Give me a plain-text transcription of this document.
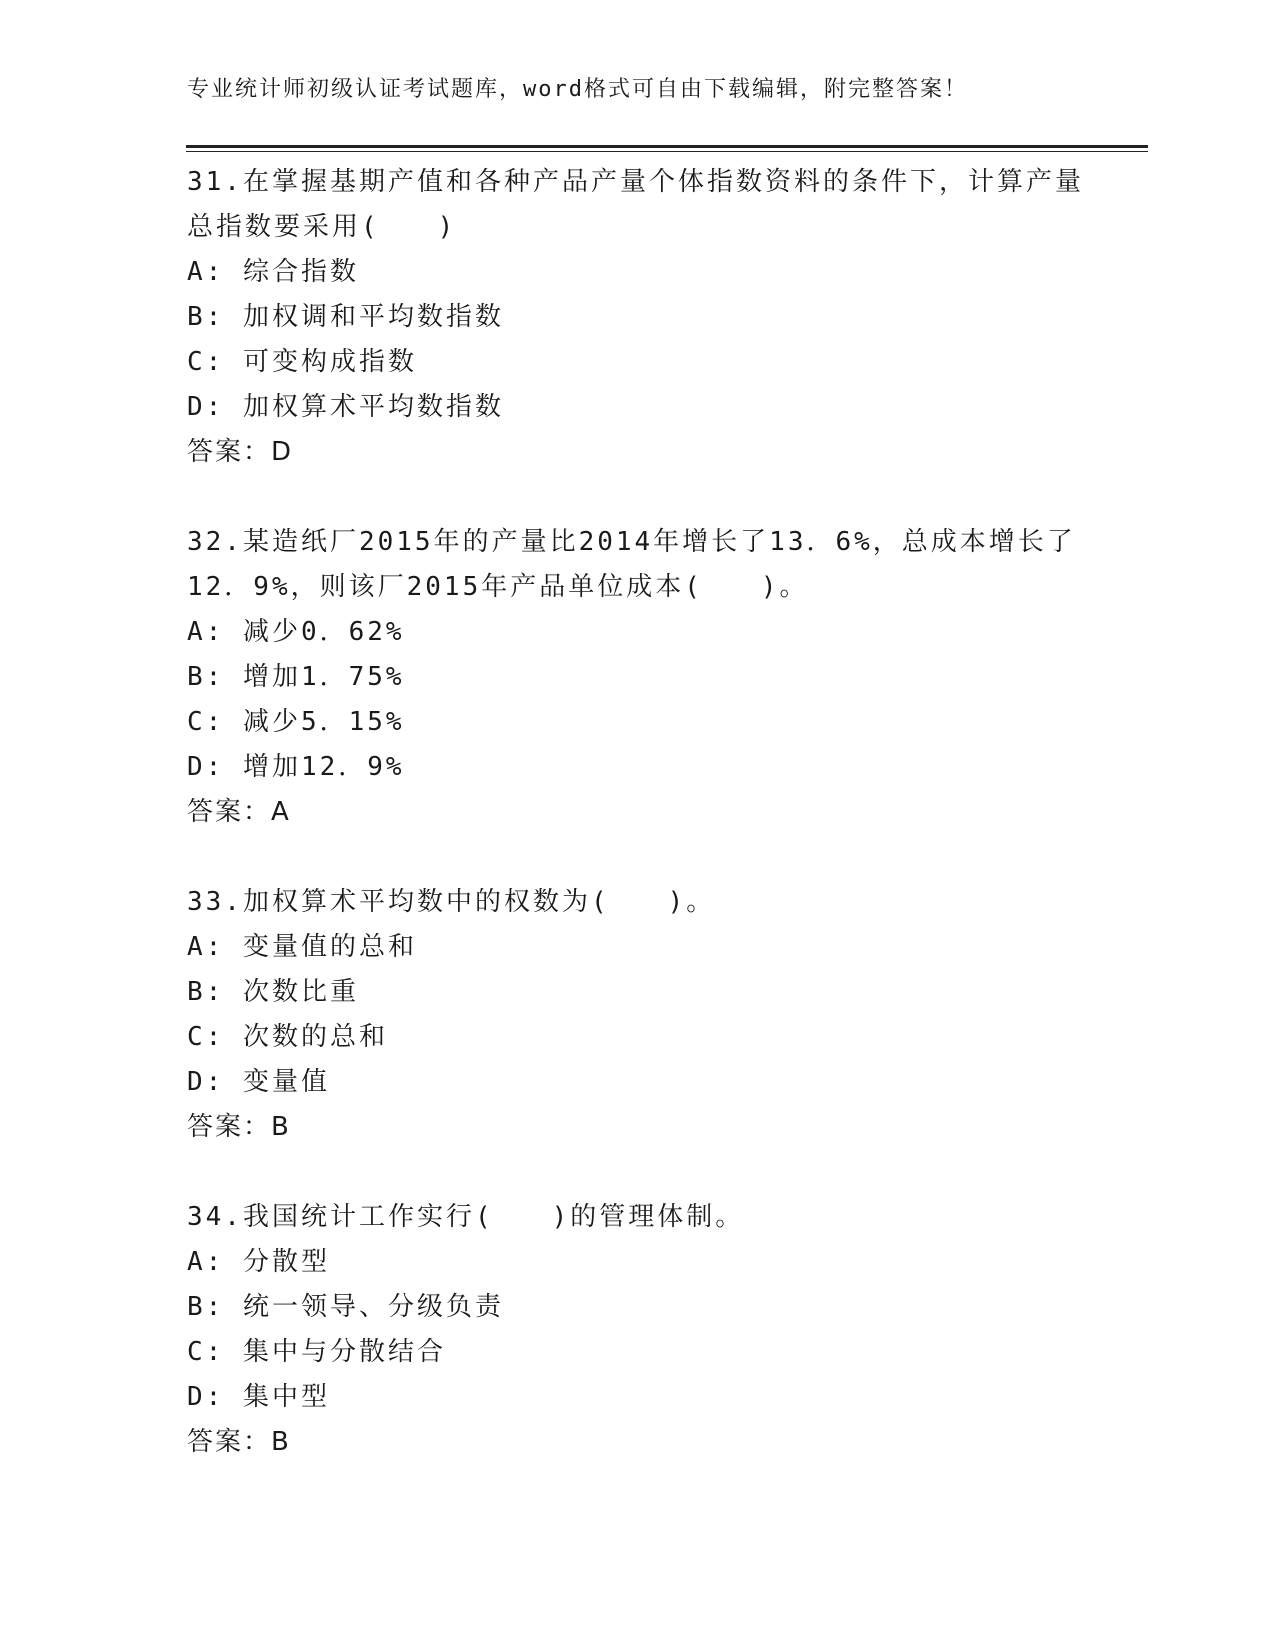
专业统计师初级认证考试题库，word格式可自由下载编辑，附完整答案！
31.在掌握基期产值和各种产品产量个体指数资料的条件下，计算产量
总指数要采用(　　)
A: 综合指数
B: 加权调和平均数指数
C: 可变构成指数
D: 加权算术平均数指数
答案：D
32.某造纸厂2015年的产量比2014年增长了13．6%，总成本增长了
12．9%，则该厂2015年产品单位成本(　　)。
A: 减少0．62%
B: 增加1．75%
C: 减少5．15%
D: 增加12．9%
答案：A
33.加权算术平均数中的权数为(　　)。
A: 变量值的总和
B: 次数比重
C: 次数的总和
D: 变量值
答案：B
34.我国统计工作实行(　　)的管理体制。
A: 分散型
B: 统一领导、分级负责
C: 集中与分散结合
D: 集中型
答案：B
